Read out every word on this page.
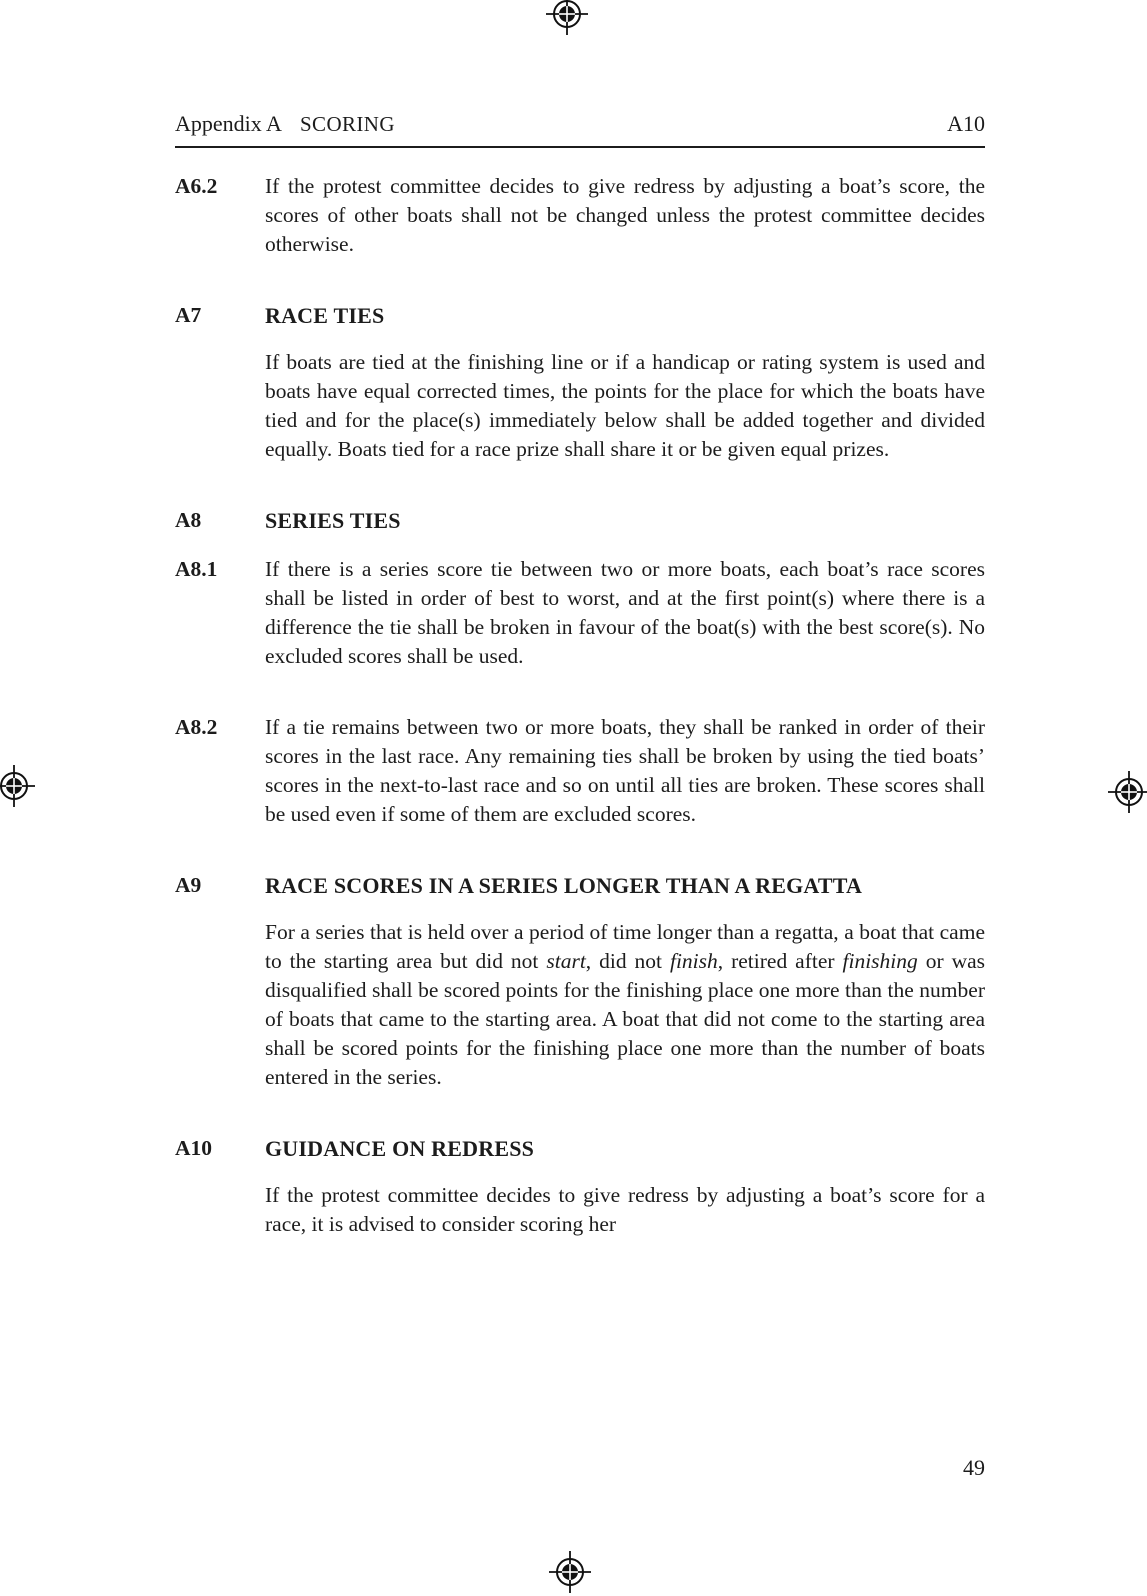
Appendix A SCORING	A10
A6.2	If the protest committee decides to give redress by adjusting a boat’s score, the scores of other boats shall not be changed unless the protest committee decides otherwise.

A7	RACE TIES

If boats are tied at the finishing line or if a handicap or rating system is used and boats have equal corrected times, the points for the place for which the boats have tied and for the place(s) immediately below shall be added together and divided equally. Boats tied for a race prize shall share it or be given equal prizes.

A8	SERIES TIES
A8.1	If there is a series score tie between two or more boats, each boat’s race scores shall be listed in order of best to worst, and at the first point(s) where there is a difference the tie shall be broken in favour of the boat(s) with the best score(s). No excluded scores shall be used.

A8.2	If a tie remains between two or more boats, they shall be ranked in order of their scores in the last race. Any remaining ties shall be broken by using the tied boats’ scores in the next-to-last race and so on until all ties are broken. These scores shall be used even if some of them are excluded scores.

A9	RACE SCORES IN A SERIES LONGER THAN A REGATTA

For a series that is held over a period of time longer than a regatta, a boat that came to the starting area but did not start, did not finish, retired after finishing or was disqualified shall be scored points for the finishing place one more than the number of boats that came to the starting area. A boat that did not come to the starting area shall be scored points for the finishing place one more than the number of boats entered in the series.

A10	GUIDANCE ON REDRESS

If the protest committee decides to give redress by adjusting a boat’s score for a race, it is advised to consider scoring her

49
